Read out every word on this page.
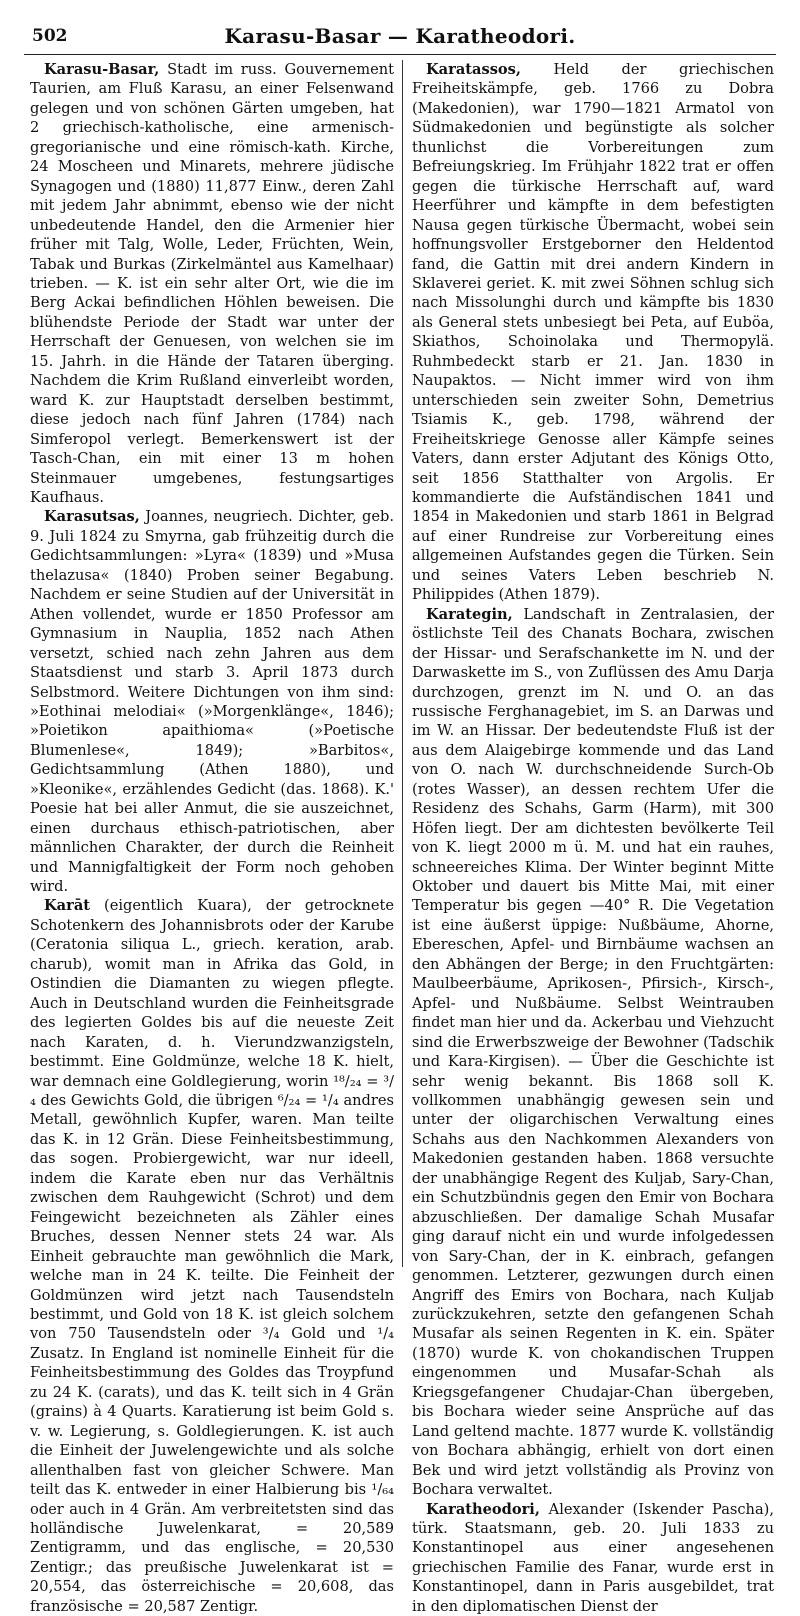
502	Karasu-Basar — Karatheodori.

Karasu-Basar, Stadt im russ. Gouvernement Taurien, am Fluß Karasu, an einer Felsenwand gelegen und von schönen Gärten umgeben, hat 2 griechisch-katholische, eine armenisch-gregorianische und eine römisch-kath. Kirche, 24 Moscheen und Minarets, mehrere jüdische Synagogen und (1880) 11,877 Einw., deren Zahl mit jedem Jahr abnimmt, ebenso wie der nicht unbedeutende Handel, den die Armenier hier früher mit Talg, Wolle, Leder, Früchten, Wein, Tabak und Burkas (Zirkelmäntel aus Kamelhaar) trieben. — K. ist ein sehr alter Ort, wie die im Berg Ackai befindlichen Höhlen beweisen. Die blühendste Periode der Stadt war unter der Herrschaft der Genuesen, von welchen sie im 15. Jahrh. in die Hände der Tataren überging. Nachdem die Krim Rußland einverleibt worden, ward K. zur Hauptstadt derselben bestimmt, diese jedoch nach fünf Jahren (1784) nach Simferopol verlegt. Bemerkenswert ist der Tasch-Chan, ein mit einer 13 m hohen Steinmauer umgebenes, festungsartiges Kaufhaus.

Karasutsas, Joannes, neugriech. Dichter, geb. 9. Juli 1824 zu Smyrna, gab frühzeitig durch die Gedichtsammlungen: »Lyra« (1839) und »Musa thelazusa« (1840) Proben seiner Begabung. Nachdem er seine Studien auf der Universität in Athen vollendet, wurde er 1850 Professor am Gymnasium in Nauplia, 1852 nach Athen versetzt, schied nach zehn Jahren aus dem Staatsdienst und starb 3. April 1873 durch Selbstmord. Weitere Dichtungen von ihm sind: »Eothinai melodiai« (»Morgenklänge«, 1846); »Poietikon apaithioma« (»Poetische Blumenlese«, 1849); »Barbitos«, Gedichtsammlung (Athen 1880), und »Kleonike«, erzählendes Gedicht (das. 1868). K.' Poesie hat bei aller Anmut, die sie auszeichnet, einen durchaus ethisch-patriotischen, aber männlichen Charakter, der durch die Reinheit und Mannigfaltigkeit der Form noch gehoben wird.

Karāt (eigentlich Kuara), der getrocknete Schotenkern des Johannisbrots oder der Karube (Ceratonia siliqua L., griech. keration, arab. charub), womit man in Afrika das Gold, in Ostindien die Diamanten zu wiegen pflegte. Auch in Deutschland wurden die Feinheitsgrade des legierten Goldes bis auf die neueste Zeit nach Karaten, d. h. Vierundzwanzigsteln, bestimmt. Eine Goldmünze, welche 18 K. hielt, war demnach eine Goldlegierung, worin ¹⁸/₂₄ = ³/₄ des Gewichts Gold, die übrigen ⁶/₂₄ = ¹/₄ andres Metall, gewöhnlich Kupfer, waren. Man teilte das K. in 12 Grän. Diese Feinheitsbestimmung, das sogen. Probiergewicht, war nur ideell, indem die Karate eben nur das Verhältnis zwischen dem Rauhgewicht (Schrot) und dem Feingewicht bezeichneten als Zähler eines Bruches, dessen Nenner stets 24 war. Als Einheit gebrauchte man gewöhnlich die Mark, welche man in 24 K. teilte. Die Feinheit der Goldmünzen wird jetzt nach Tausendsteln bestimmt, und Gold von 18 K. ist gleich solchem von 750 Tausendsteln oder ³/₄ Gold und ¹/₄ Zusatz. In England ist nominelle Einheit für die Feinheitsbestimmung des Goldes das Troypfund zu 24 K. (carats), und das K. teilt sich in 4 Grän (grains) à 4 Quarts. Karatierung ist beim Gold s. v. w. Legierung, s. Goldlegierungen. K. ist auch die Einheit der Juwelengewichte und als solche allenthalben fast von gleicher Schwere. Man teilt das K. entweder in einer Halbierung bis ¹/₆₄ oder auch in 4 Grän. Am verbreitetsten sind das holländische Juwelenkarat, = 20,589 Zentigramm, und das englische, = 20,530 Zentigr.; das preußische Juwelenkarat ist = 20,554, das österreichische = 20,608, das französische = 20,587 Zentigr.

Karatassos, Held der griechischen Freiheitskämpfe, geb. 1766 zu Dobra (Makedonien), war 1790—1821 Armatol von Südmakedonien und begünstigte als solcher thunlichst die Vorbereitungen zum Befreiungskrieg. Im Frühjahr 1822 trat er offen gegen die türkische Herrschaft auf, ward Heerführer und kämpfte in dem befestigten Nausa gegen türkische Übermacht, wobei sein hoffnungsvoller Erstgeborner den Heldentod fand, die Gattin mit drei andern Kindern in Sklaverei geriet. K. mit zwei Söhnen schlug sich nach Missolunghi durch und kämpfte bis 1830 als General stets unbesiegt bei Peta, auf Euböa, Skiathos, Schoinolaka und Thermopylä. Ruhmbedeckt starb er 21. Jan. 1830 in Naupaktos. — Nicht immer wird von ihm unterschieden sein zweiter Sohn, Demetrius Tsiamis K., geb. 1798, während der Freiheitskriege Genosse aller Kämpfe seines Vaters, dann erster Adjutant des Königs Otto, seit 1856 Statthalter von Argolis. Er kommandierte die Aufständischen 1841 und 1854 in Makedonien und starb 1861 in Belgrad auf einer Rundreise zur Vorbereitung eines allgemeinen Aufstandes gegen die Türken. Sein und seines Vaters Leben beschrieb N. Philippides (Athen 1879).

Karategin, Landschaft in Zentralasien, der östlichste Teil des Chanats Bochara, zwischen der Hissar- und Serafschankette im N. und der Darwaskette im S., von Zuflüssen des Amu Darja durchzogen, grenzt im N. und O. an das russische Ferghanagebiet, im S. an Darwas und im W. an Hissar. Der bedeutendste Fluß ist der aus dem Alaigebirge kommende und das Land von O. nach W. durchschneidende Surch-Ob (rotes Wasser), an dessen rechtem Ufer die Residenz des Schahs, Garm (Harm), mit 300 Höfen liegt. Der am dichtesten bevölkerte Teil von K. liegt 2000 m ü. M. und hat ein rauhes, schneereiches Klima. Der Winter beginnt Mitte Oktober und dauert bis Mitte Mai, mit einer Temperatur bis gegen —40° R. Die Vegetation ist eine äußerst üppige: Nußbäume, Ahorne, Ebereschen, Apfel- und Birnbäume wachsen an den Abhängen der Berge; in den Fruchtgärten: Maulbeerbäume, Aprikosen-, Pfirsich-, Kirsch-, Apfel- und Nußbäume. Selbst Weintrauben findet man hier und da. Ackerbau und Viehzucht sind die Erwerbszweige der Bewohner (Tadschik und Kara-Kirgisen). — Über die Geschichte ist sehr wenig bekannt. Bis 1868 soll K. vollkommen unabhängig gewesen sein und unter der oligarchischen Verwaltung eines Schahs aus den Nachkommen Alexanders von Makedonien gestanden haben. 1868 versuchte der unabhängige Regent des Kuljab, Sary-Chan, ein Schutzbündnis gegen den Emir von Bochara abzuschließen. Der damalige Schah Musafar ging darauf nicht ein und wurde infolgedessen von Sary-Chan, der in K. einbrach, gefangen genommen. Letzterer, gezwungen durch einen Angriff des Emirs von Bochara, nach Kuljab zurückzukehren, setzte den gefangenen Schah Musafar als seinen Regenten in K. ein. Später (1870) wurde K. von chokandischen Truppen eingenommen und Musafar-Schah als Kriegsgefangener Chudajar-Chan übergeben, bis Bochara wieder seine Ansprüche auf das Land geltend machte. 1877 wurde K. vollständig von Bochara abhängig, erhielt von dort einen Bek und wird jetzt vollständig als Provinz von Bochara verwaltet.

Karatheodori, Alexander (Iskender Pascha), türk. Staatsmann, geb. 20. Juli 1833 zu Konstantinopel aus einer angesehenen griechischen Familie des Fanar, wurde erst in Konstantinopel, dann in Paris ausgebildet, trat in den diplomatischen Dienst der
